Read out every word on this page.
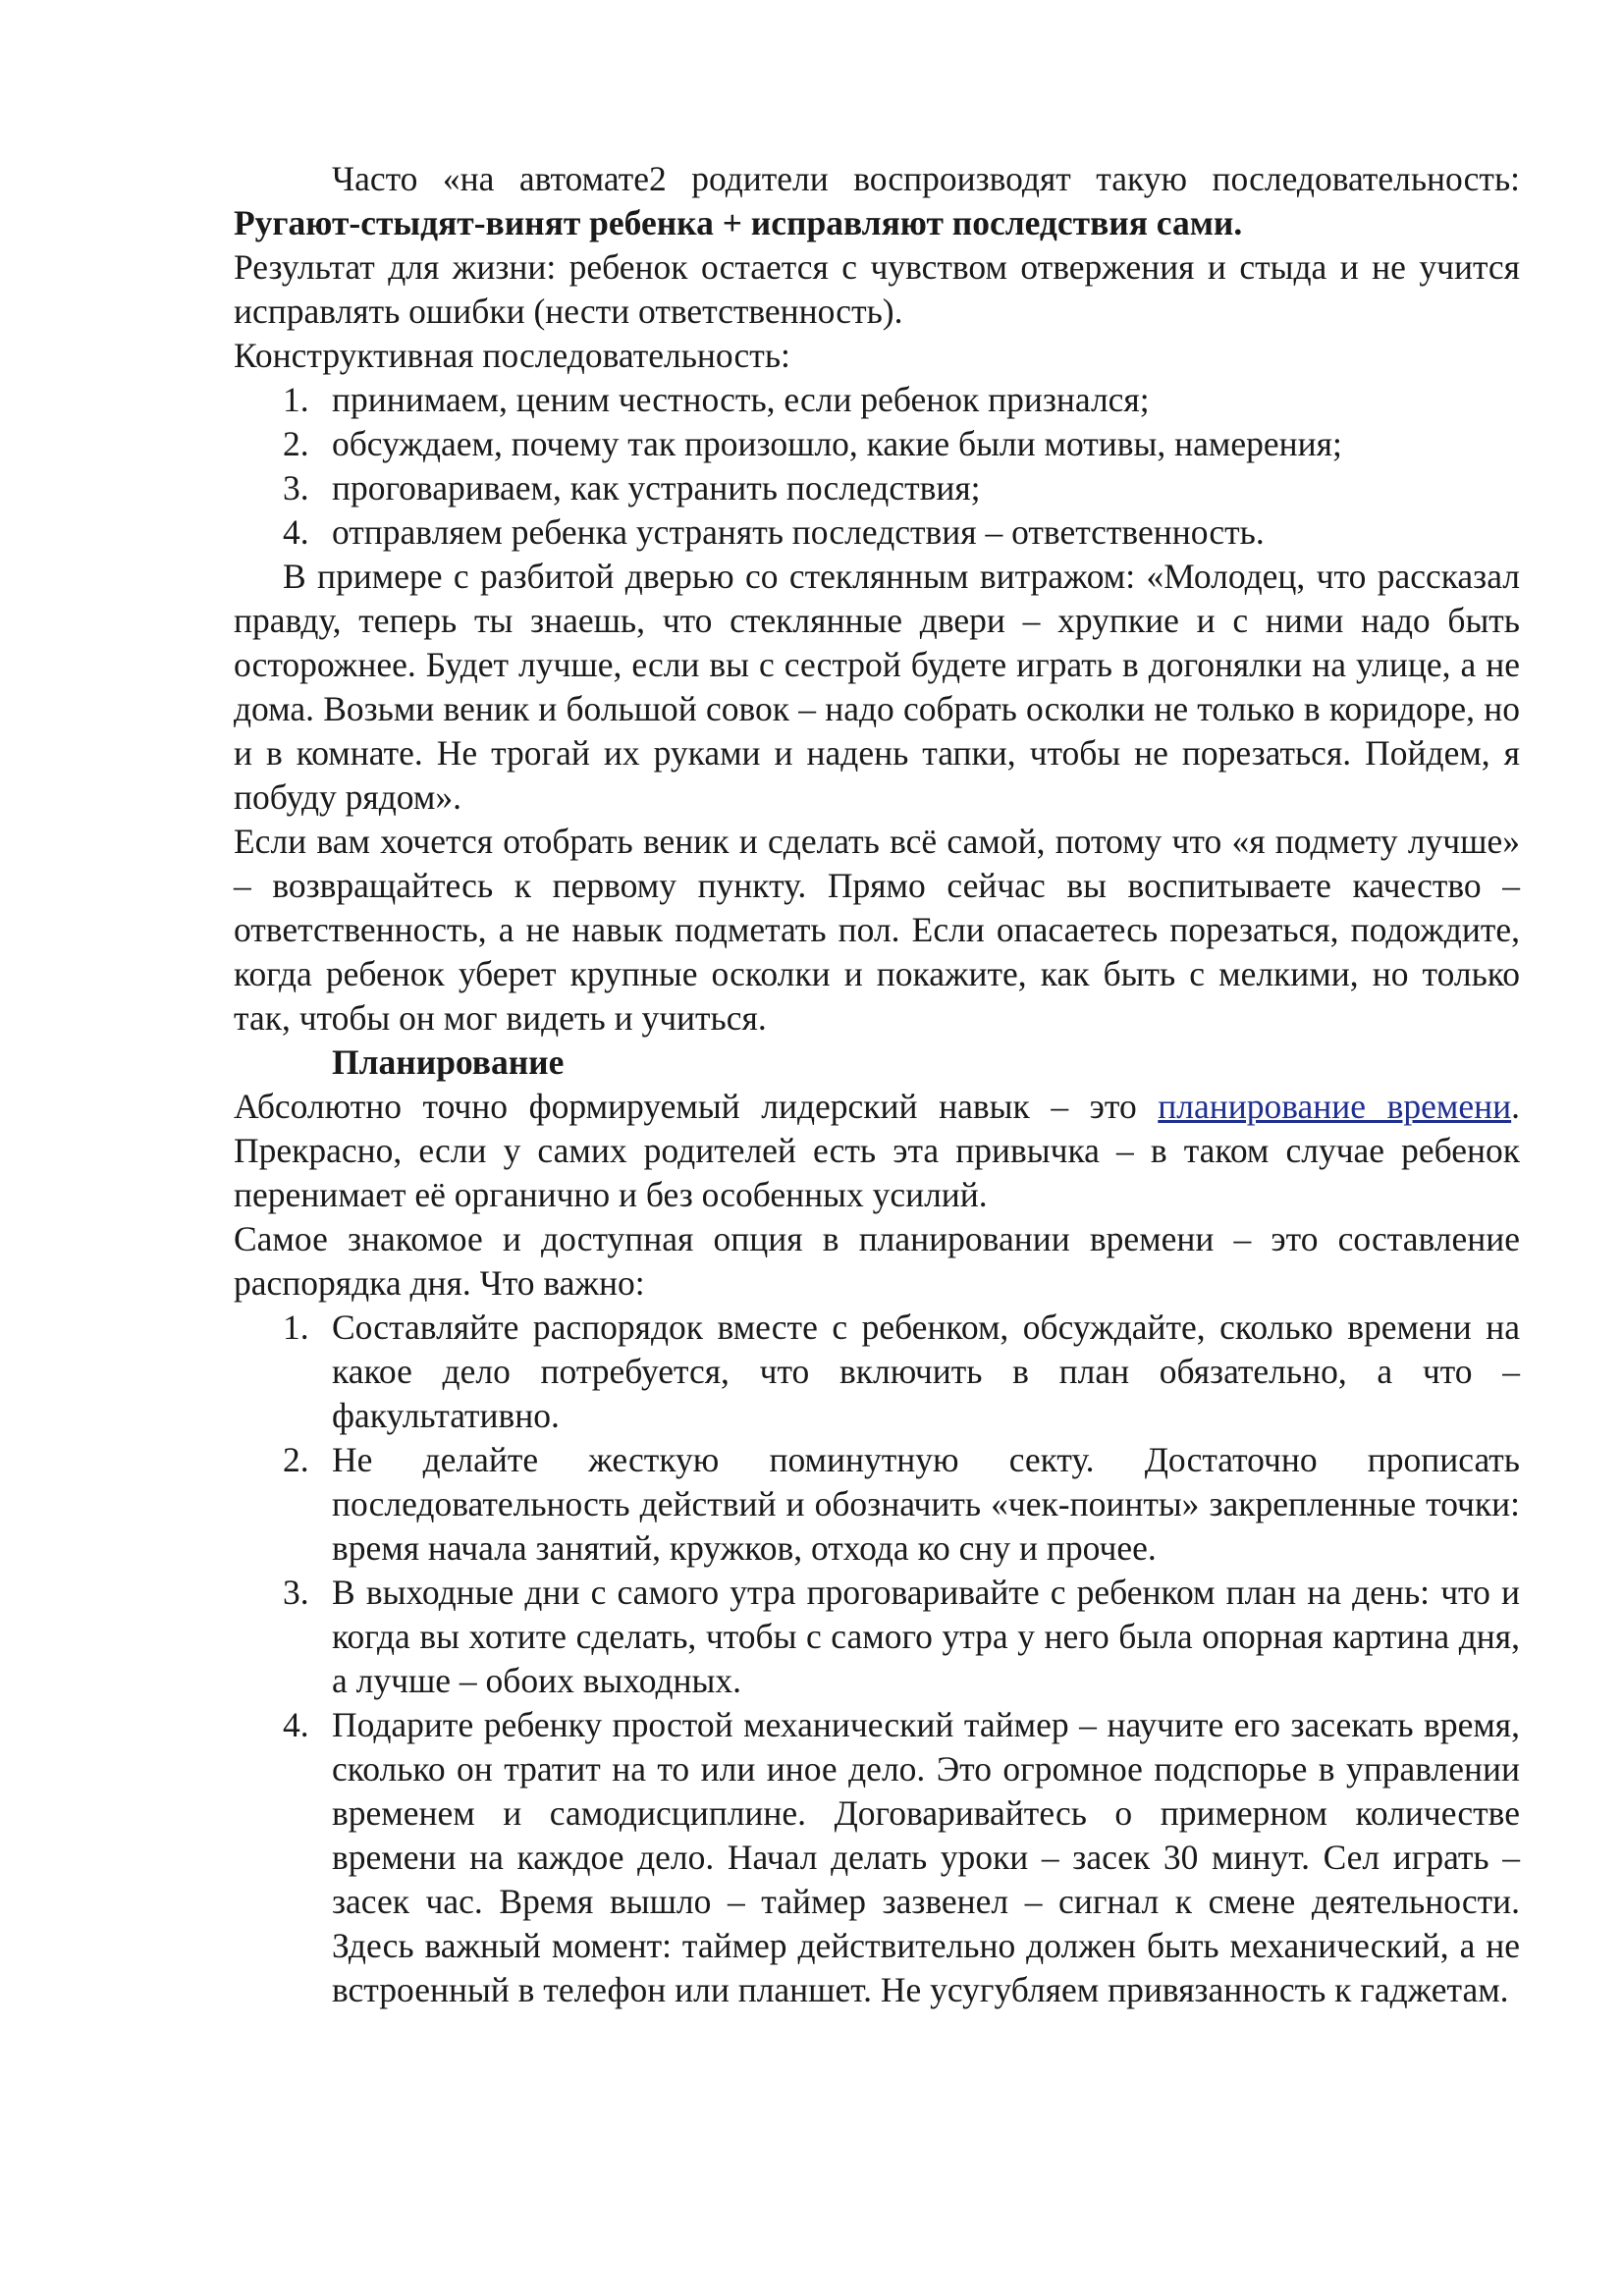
Часто «на автомате2 родители воспроизводят такую последовательность: Ругают-стыдят-винят ребенка + исправляют последствия сами.

Результат для жизни: ребенок остается с чувством отвержения и стыда и не учится исправлять ошибки (нести ответственность).

Конструктивная последовательность:

1. принимаем, ценим честность, если ребенок признался;
2. обсуждаем, почему так произошло, какие были мотивы, намерения;
3. проговариваем, как устранить последствия;
4. отправляем ребенка устранять последствия – ответственность.

В примере с разбитой дверью со стеклянным витражом: «Молодец, что рассказал правду, теперь ты знаешь, что стеклянные двери – хрупкие и с ними надо быть осторожнее. Будет лучше, если вы с сестрой будете играть в догонялки на улице, а не дома. Возьми веник и большой совок – надо собрать осколки не только в коридоре, но и в комнате. Не трогай их руками и надень тапки, чтобы не порезаться. Пойдем, я побуду рядом».

Если вам хочется отобрать веник и сделать всё самой, потому что «я подмету лучше» – возвращайтесь к первому пункту. Прямо сейчас вы воспитываете качество – ответственность, а не навык подметать пол. Если опасаетесь порезаться, подождите, когда ребенок уберет крупные осколки и покажите, как быть с мелкими, но только так, чтобы он мог видеть и учиться.

Планирование

Абсолютно точно формируемый лидерский навык – это планирование времени. Прекрасно, если у самих родителей есть эта привычка – в таком случае ребенок перенимает её органично и без особенных усилий.

Самое знакомое и доступная опция в планировании времени – это составление распорядка дня. Что важно:

1. Составляйте распорядок вместе с ребенком, обсуждайте, сколько времени на какое дело потребуется, что включить в план обязательно, а что – факультативно.
2. Не делайте жесткую поминутную секту. Достаточно прописать последовательность действий и обозначить «чек-поинты» закрепленные точки: время начала занятий, кружков, отхода ко сну и прочее.
3. В выходные дни с самого утра проговаривайте с ребенком план на день: что и когда вы хотите сделать, чтобы с самого утра у него была опорная картина дня, а лучше – обоих выходных.
4. Подарите ребенку простой механический таймер – научите его засекать время, сколько он тратит на то или иное дело. Это огромное подспорье в управлении временем и самодисциплине. Договаривайтесь о примерном количестве времени на каждое дело. Начал делать уроки – засек 30 минут. Сел играть – засек час. Время вышло – таймер зазвенел – сигнал к смене деятельности. Здесь важный момент: таймер действительно должен быть механический, а не встроенный в телефон или планшет. Не усугубляем привязанность к гаджетам.
